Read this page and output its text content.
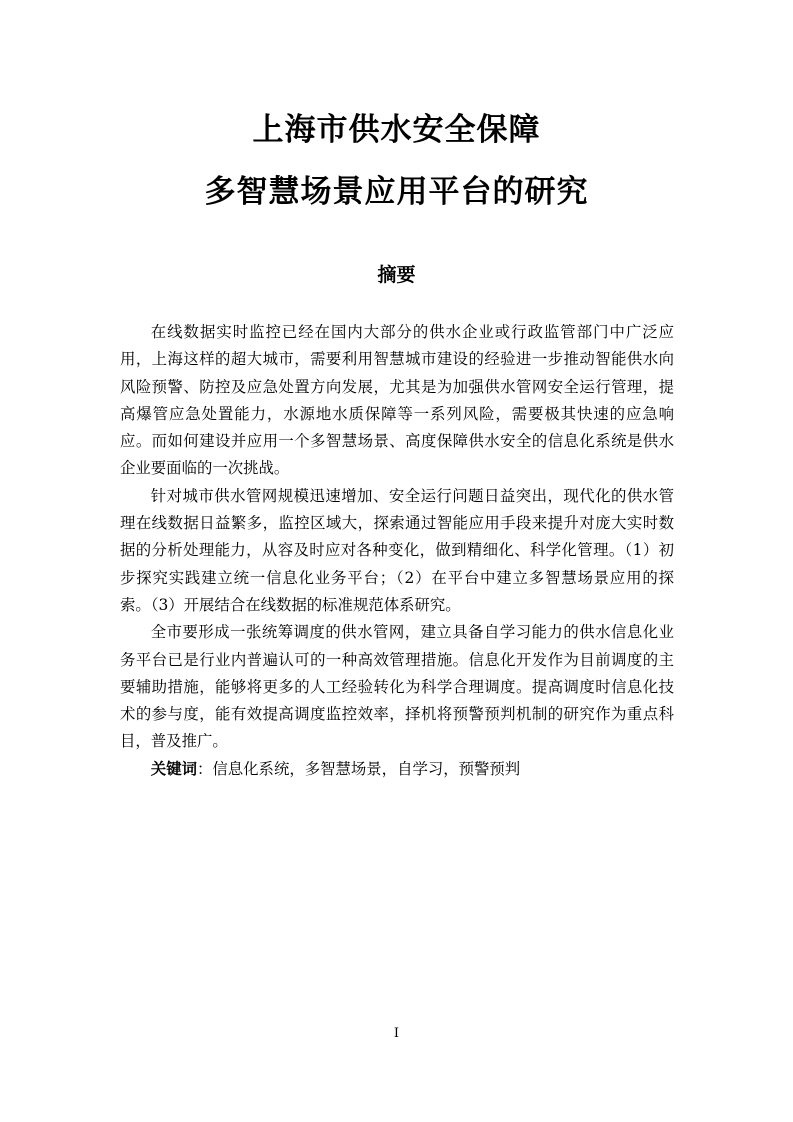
上海市供水安全保障
多智慧场景应用平台的研究
摘要

在线数据实时监控已经在国内大部分的供水企业或行政监管部门中广泛应用，上海这样的超大城市，需要利用智慧城市建设的经验进一步推动智能供水向风险预警、防控及应急处置方向发展，尤其是为加强供水管网安全运行管理，提高爆管应急处置能力，水源地水质保障等一系列风险，需要极其快速的应急响应。而如何建设并应用一个多智慧场景、高度保障供水安全的信息化系统是供水企业要面临的一次挑战。

针对城市供水管网规模迅速增加、安全运行问题日益突出，现代化的供水管理在线数据日益繁多，监控区域大，探索通过智能应用手段来提升对庞大实时数据的分析处理能力，从容及时应对各种变化，做到精细化、科学化管理。（1）初步探究实践建立统一信息化业务平台；（2）在平台中建立多智慧场景应用的探索。（3）开展结合在线数据的标准规范体系研究。

全市要形成一张统筹调度的供水管网，建立具备自学习能力的供水信息化业务平台已是行业内普遍认可的一种高效管理措施。信息化开发作为目前调度的主要辅助措施，能够将更多的人工经验转化为科学合理调度。提高调度时信息化技术的参与度，能有效提高调度监控效率，择机将预警预判机制的研究作为重点科目，普及推广。

关键词：信息化系统，多智慧场景，自学习，预警预判

I
